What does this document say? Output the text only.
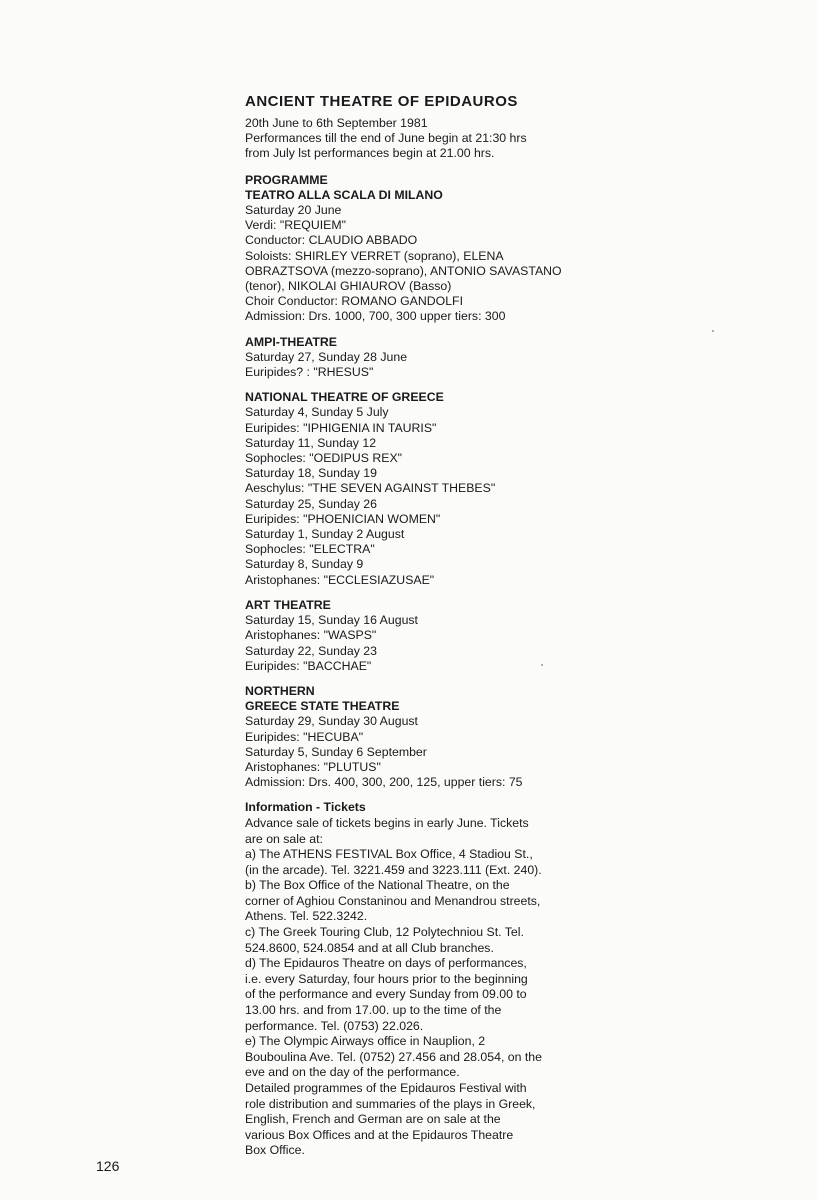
ANCIENT THEATRE OF EPIDAUROS
20th June to 6th September 1981
Performances till the end of June begin at 21:30 hrs
from July lst performances begin at 21.00 hrs.
PROGRAMME
TEATRO ALLA SCALA DI MILANO
Saturday 20 June
Verdi: "REQUIEM"
Conductor: CLAUDIO ABBADO
Soloists: SHIRLEY VERRET (soprano), ELENA
OBRAZTSOVA (mezzo-soprano), ANTONIO SAVASTANO
(tenor), NIKOLAI GHIAUROV (Basso)
Choir Conductor: ROMANO GANDOLFI
Admission: Drs. 1000, 700, 300 upper tiers: 300
AMPI-THEATRE
Saturday 27, Sunday 28 June
Euripides? : "RHESUS"
NATIONAL THEATRE OF GREECE
Saturday 4, Sunday 5 July
Euripides: "IPHIGENIA IN TAURIS"
Saturday 11, Sunday 12
Sophocles: "OEDIPUS REX"
Saturday 18, Sunday 19
Aeschylus: "THE SEVEN AGAINST THEBES"
Saturday 25, Sunday 26
Euripides: "PHOENICIAN WOMEN"
Saturday 1, Sunday 2 August
Sophocles: "ELECTRA"
Saturday 8, Sunday 9
Aristophanes: "ECCLESIAZUSAE"
ART THEATRE
Saturday 15, Sunday 16 August
Aristophanes: "WASPS"
Saturday 22, Sunday 23
Euripides: "BACCHAE"
NORTHERN
GREECE STATE THEATRE
Saturday 29, Sunday 30 August
Euripides: "HECUBA"
Saturday 5, Sunday 6 September
Aristophanes: "PLUTUS"
Admission: Drs. 400, 300, 200, 125, upper tiers: 75
Information - Tickets
Advance sale of tickets begins in early June. Tickets
are on sale at:
a) The ATHENS FESTIVAL Box Office, 4 Stadiou St.,
(in the arcade). Tel. 3221.459 and 3223.111 (Ext. 240).
b) The Box Office of the National Theatre, on the
corner of Aghiou Constaninou and Menandrou streets,
Athens. Tel. 522.3242.
c) The Greek Touring Club, 12 Polytechniou St. Tel.
524.8600, 524.0854 and at all Club branches.
d) The Epidauros Theatre on days of performances,
i.e. every Saturday, four hours prior to the beginning
of the performance and every Sunday from 09.00 to
13.00 hrs. and from 17.00. up to the time of the
performance. Tel. (0753) 22.026.
e) The Olympic Airways office in Nauplion, 2
Bouboulina Ave. Tel. (0752) 27.456 and 28.054, on the
eve and on the day of the performance.
Detailed programmes of the Epidauros Festival with
role distribution and summaries of the plays in Greek,
English, French and German are on sale at the
various Box Offices and at the Epidauros Theatre
Box Office.
126
